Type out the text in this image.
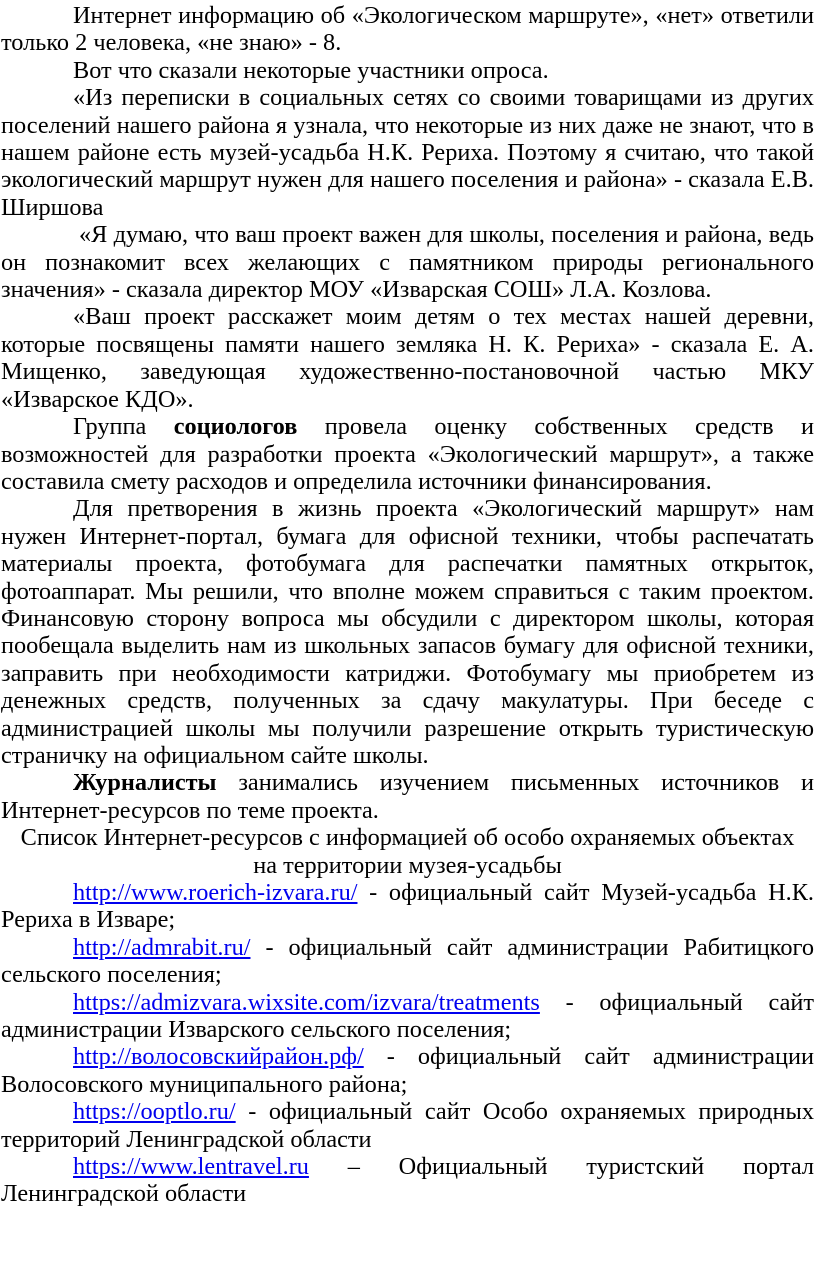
Интернет информацию об «Экологическом маршруте», «нет» ответили только 2 человека, «не знаю» - 8.

Вот что сказали некоторые участники опроса.

«Из переписки в социальных сетях со своими товарищами из других поселений нашего района я узнала, что некоторые из них даже не знают, что в нашем районе есть музей-усадьба Н.К. Рериха. Поэтому я считаю, что такой экологический маршрут нужен для нашего поселения и района» - сказала Е.В. Ширшова

«Я думаю, что ваш проект важен для школы, поселения и района, ведь он познакомит всех желающих с памятником природы регионального значения» - сказала директор МОУ «Изварская СОШ» Л.А. Козлова.

«Ваш проект расскажет моим детям о тех местах нашей деревни, которые посвящены памяти нашего земляка Н. К. Рериха» - сказала Е. А. Мищенко, заведующая художественно-постановочной частью МКУ «Изварское КДО».

Группа социологов провела оценку собственных средств и возможностей для разработки проекта «Экологический маршрут», а также составила смету расходов и определила источники финансирования.

Для претворения в жизнь проекта «Экологический маршрут» нам нужен Интернет-портал, бумага для офисной техники, чтобы распечатать материалы проекта, фотобумага для распечатки памятных открыток, фотоаппарат. Мы решили, что вполне можем справиться с таким проектом. Финансовую сторону вопроса мы обсудили с директором школы, которая пообещала выделить нам из школьных запасов бумагу для офисной техники, заправить при необходимости катриджи. Фотобумагу мы приобретем из денежных средств, полученных за сдачу макулатуры. При беседе с администрацией школы мы получили разрешение открыть туристическую страничку на официальном сайте школы.

Журналисты занимались изучением письменных источников и Интернет-ресурсов по теме проекта.

Список Интернет-ресурсов с информацией об особо охраняемых объектах на территории музея-усадьбы

http://www.roerich-izvara.ru/ - официальный сайт Музей-усадьба Н.К. Рериха в Изваре;

http://admrabit.ru/ - официальный сайт администрации Рабитицкого сельского поселения;

https://admizvara.wixsite.com/izvara/treatments - официальный сайт администрации Изварского сельского поселения;

http://волосовскийрайон.рф/ - официальный сайт администрации Волосовского муниципального района;

https://ooptlo.ru/ - официальный сайт Особо охраняемых природных территорий Ленинградской области

https://www.lentravel.ru – Официальный туристский портал Ленинградской области
